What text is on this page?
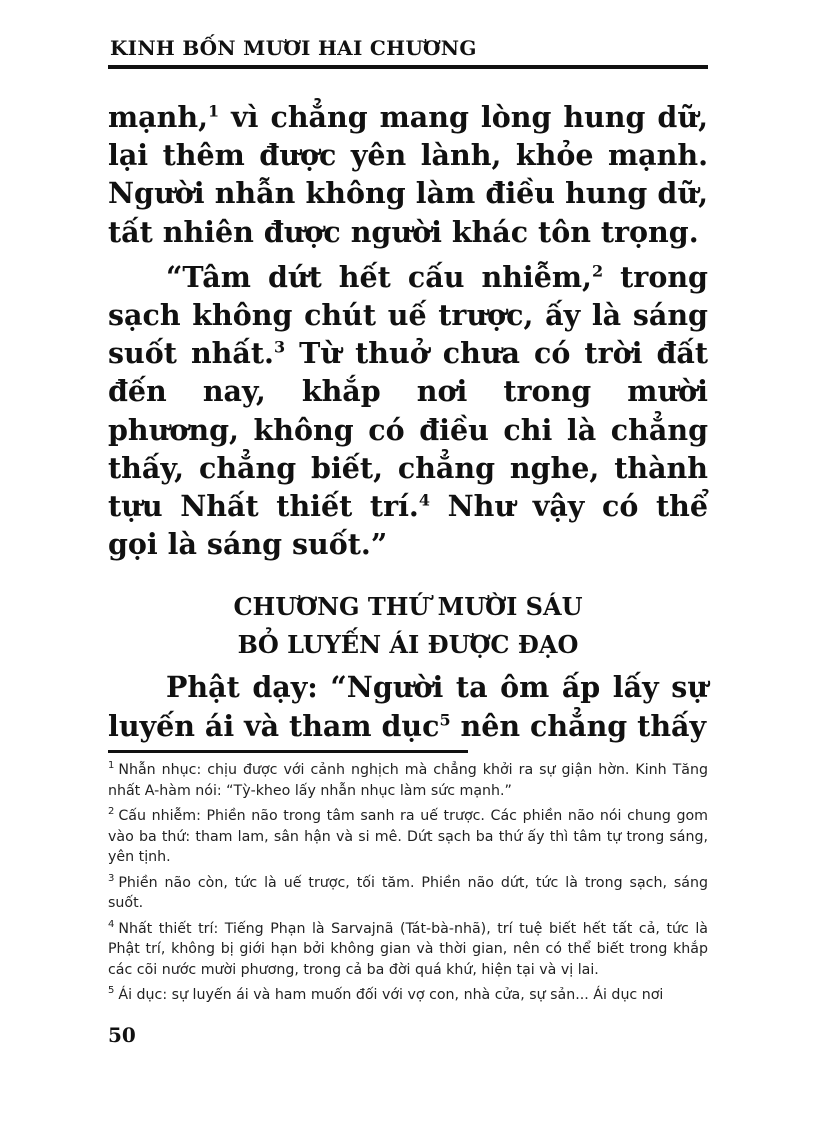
KINH BỐN MƯƠI HAI CHƯƠNG

mạnh,$^1$ vì chẳng mang lòng hung dữ, lại thêm được yên lành, khỏe mạnh. Người nhẫn không làm điều hung dữ, tất nhiên được người khác tôn trọng.

“Tâm dứt hết cấu nhiễm,$^2$ trong sạch không chút uế trược, ấy là sáng suốt nhất.$^3$ Từ thuở chưa có trời đất đến nay, khắp nơi trong mười phương, không có điều chi là chẳng thấy, chẳng biết, chẳng nghe, thành tựu Nhất thiết trí.$^4$ Như vậy có thể gọi là sáng suốt.”

CHƯƠNG THỨ MƯỜI SÁU
BỎ LUYẾN ÁI ĐƯỢC ĐẠO

Phật dạy: “Người ta ôm ấp lấy sự luyến ái và tham dục$^5$ nên chẳng thấy

$^1$ Nhẫn nhục: chịu được với cảnh nghịch mà chẳng khởi ra sự giận hờn. Kinh Tăng nhất A-hàm nói: “Tỳ-kheo lấy nhẫn nhục làm sức mạnh.”

$^2$ Cấu nhiễm: Phiền não trong tâm sanh ra uế trược. Các phiền não nói chung gom vào ba thứ: tham lam, sân hận và si mê. Dứt sạch ba thứ ấy thì tâm tự trong sáng, yên tịnh.

$^3$ Phiền não còn, tức là uế trược, tối tăm. Phiền não dứt, tức là trong sạch, sáng suốt.

$^4$ Nhất thiết trí: Tiếng Phạn là Sarvajnã (Tát-bà-nhã), trí tuệ biết hết tất cả, tức là Phật trí, không bị giới hạn bởi không gian và thời gian, nên có thể biết trong khắp các cõi nước mười phương, trong cả ba đời quá khứ, hiện tại và vị lai.

$^5$ Ái dục: sự luyến ái và ham muốn đối với vợ con, nhà cửa, sự sản... Ái dục nơi

50
